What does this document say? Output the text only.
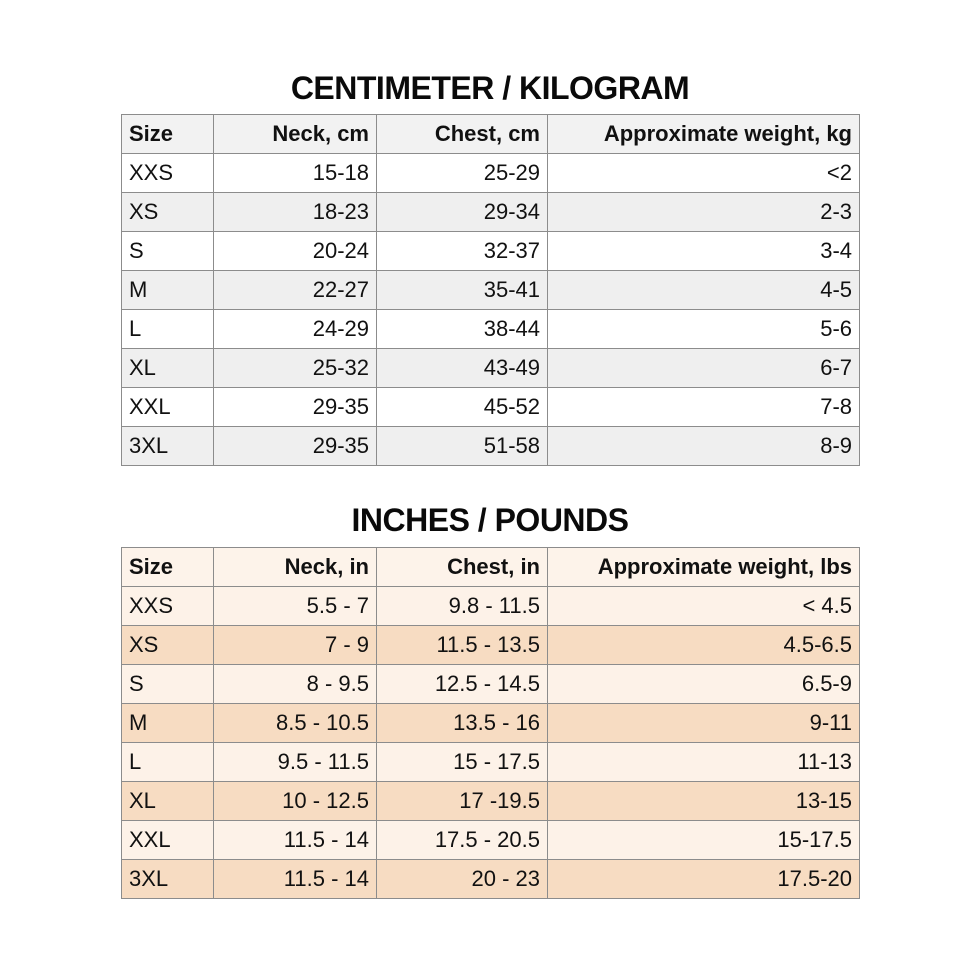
CENTIMETER / KILOGRAM
Size	Neck, cm	Chest, cm	Approximate weight, kg
XXS	15-18	25-29	<2
XS	18-23	29-34	2-3
S	20-24	32-37	3-4
M	22-27	35-41	4-5
L	24-29	38-44	5-6
XL	25-32	43-49	6-7
XXL	29-35	45-52	7-8
3XL	29-35	51-58	8-9
INCHES / POUNDS
Size	Neck, in	Chest, in	Approximate weight, lbs
XXS	5.5 - 7	9.8 - 11.5	< 4.5
XS	7 - 9	11.5 - 13.5	4.5-6.5
S	8 - 9.5	12.5 - 14.5	6.5-9
M	8.5 - 10.5	13.5 - 16	9-11
L	9.5 - 11.5	15 - 17.5	11-13
XL	10 - 12.5	17 -19.5	13-15
XXL	11.5 - 14	17.5 - 20.5	15-17.5
3XL	11.5 - 14	20 - 23	17.5-20
